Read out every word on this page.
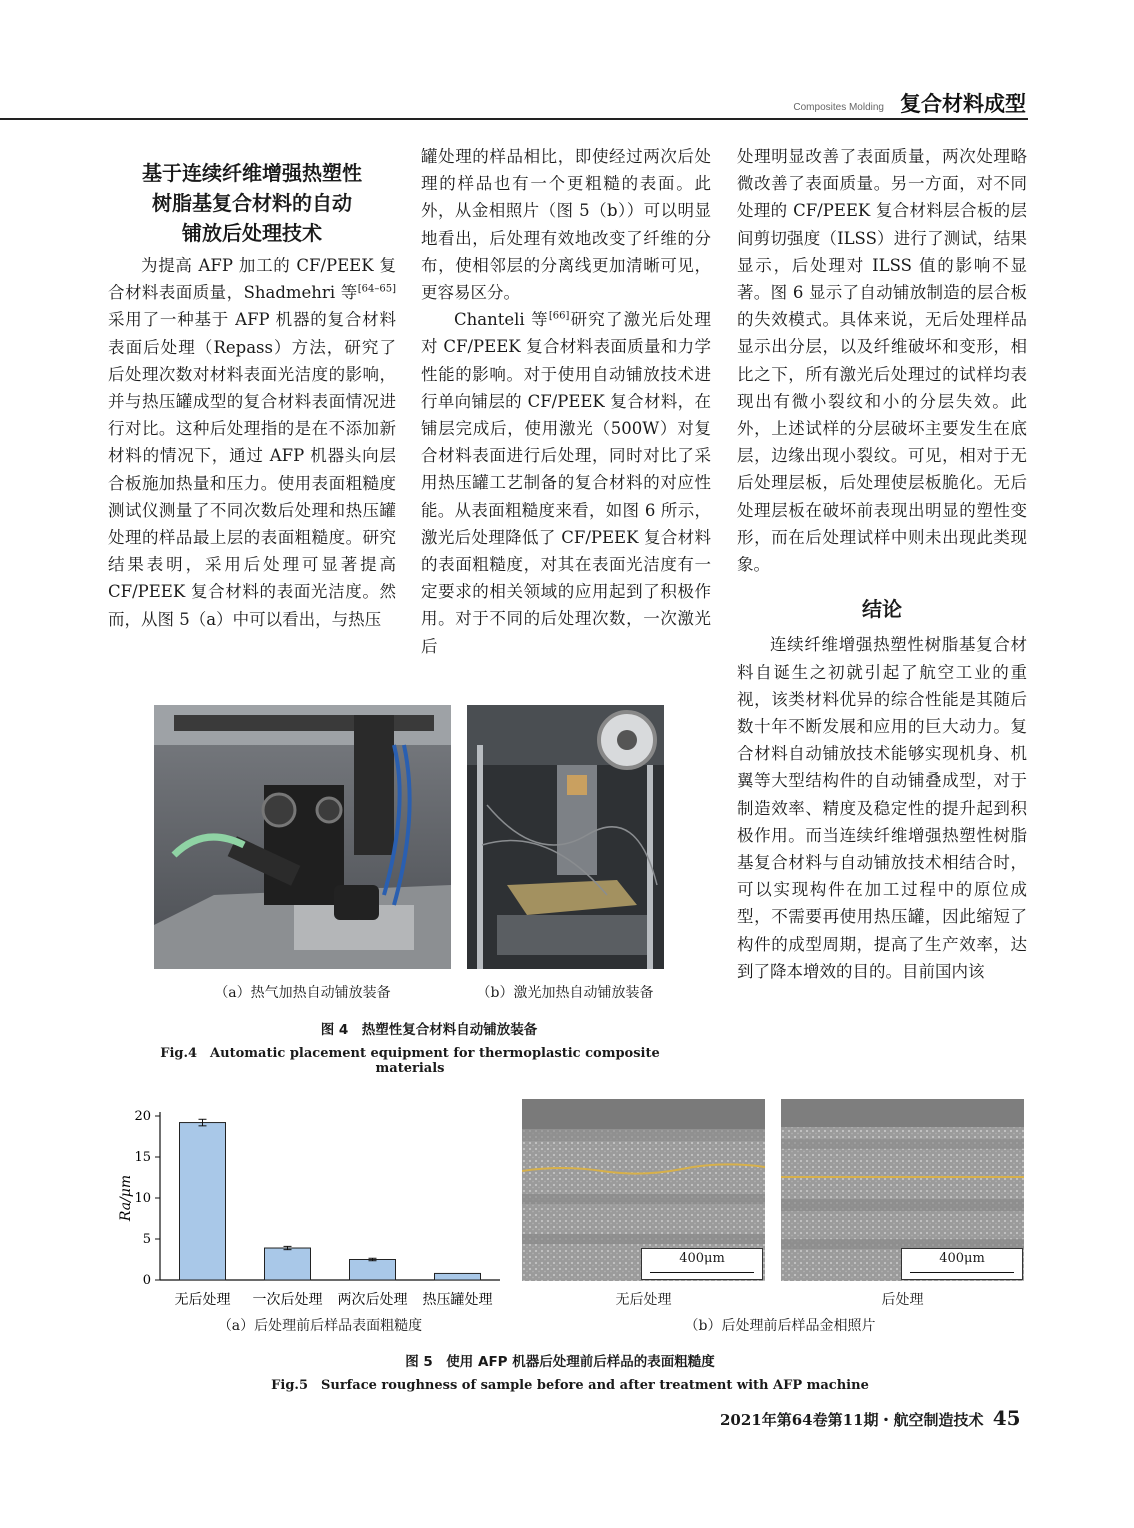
Composites Molding 复合材料成型
基于连续纤维增强热塑性
树脂基复合材料的自动
铺放后处理技术

为提高 AFP 加工的 CF/PEEK 复合材料表面质量，Shadmehri 等[64–65]采用了一种基于 AFP 机器的复合材料表面后处理（Repass）方法，研究了后处理次数对材料表面光洁度的影响，并与热压罐成型的复合材料表面情况进行对比。这种后处理指的是在不添加新材料的情况下，通过 AFP 机器头向层合板施加热量和压力。使用表面粗糙度测试仪测量了不同次数后处理和热压罐处理的样品最上层的表面粗糙度。研究结果表明，采用后处理可显著提高 CF/PEEK 复合材料的表面光洁度。然而，从图 5（a）中可以看出，与热压

罐处理的样品相比，即使经过两次后处理的样品也有一个更粗糙的表面。此外，从金相照片（图 5（b））可以明显地看出，后处理有效地改变了纤维的分布，使相邻层的分离线更加清晰可见，更容易区分。

Chanteli 等[66]研究了激光后处理对 CF/PEEK 复合材料表面质量和力学性能的影响。对于使用自动铺放技术进行单向铺层的 CF/PEEK 复合材料，在铺层完成后，使用激光（500W）对复合材料表面进行后处理，同时对比了采用热压罐工艺制备的复合材料的对应性能。从表面粗糙度来看，如图 6 所示，激光后处理降低了 CF/PEEK 复合材料的表面粗糙度，对其在表面光洁度有一定要求的相关领域的应用起到了积极作用。对于不同的后处理次数，一次激光后

处理明显改善了表面质量，两次处理略微改善了表面质量。另一方面，对不同处理的 CF/PEEK 复合材料层合板的层间剪切强度（ILSS）进行了测试，结果显示，后处理对 ILSS 值的影响不显著。图 6 显示了自动铺放制造的层合板的失效模式。具体来说，无后处理样品显示出分层，以及纤维破坏和变形，相比之下，所有激光后处理过的试样均表现出有微小裂纹和小的分层失效。此外，上述试样的分层破坏主要发生在底层，边缘出现小裂纹。可见，相对于无后处理层板，后处理使层板脆化。无后处理层板在破坏前表现出明显的塑性变形，而在后处理试样中则未出现此类现象。

结论

连续纤维增强热塑性树脂基复合材料自诞生之初就引起了航空工业的重视，该类材料优异的综合性能是其随后数十年不断发展和应用的巨大动力。复合材料自动铺放技术能够实现机身、机翼等大型结构件的自动铺叠成型，对于制造效率、精度及稳定性的提升起到积极作用。而当连续纤维增强热塑性树脂基复合材料与自动铺放技术相结合时，可以实现构件在加工过程中的原位成型，不需要再使用热压罐，因此缩短了构件的成型周期，提高了生产效率，达到了降本增效的目的。目前国内该

（a）热气加热自动铺放装备	（b）激光加热自动铺放装备
图 4　热塑性复合材料自动铺放装备
Fig.4　Automatic placement equipment for thermoplastic composite materials
0
5
10
15
20
Ra/μm
无后处理 一次后处理 两次后处理 热压罐处理
（a）后处理前后样品表面粗糙度
400μm	400μm
无后处理	后处理
（b）后处理前后样品金相照片
图 5　使用 AFP 机器后处理前后样品的表面粗糙度
Fig.5　Surface roughness of sample before and after treatment with AFP machine
2021年第64卷第11期・航空制造技术 45
